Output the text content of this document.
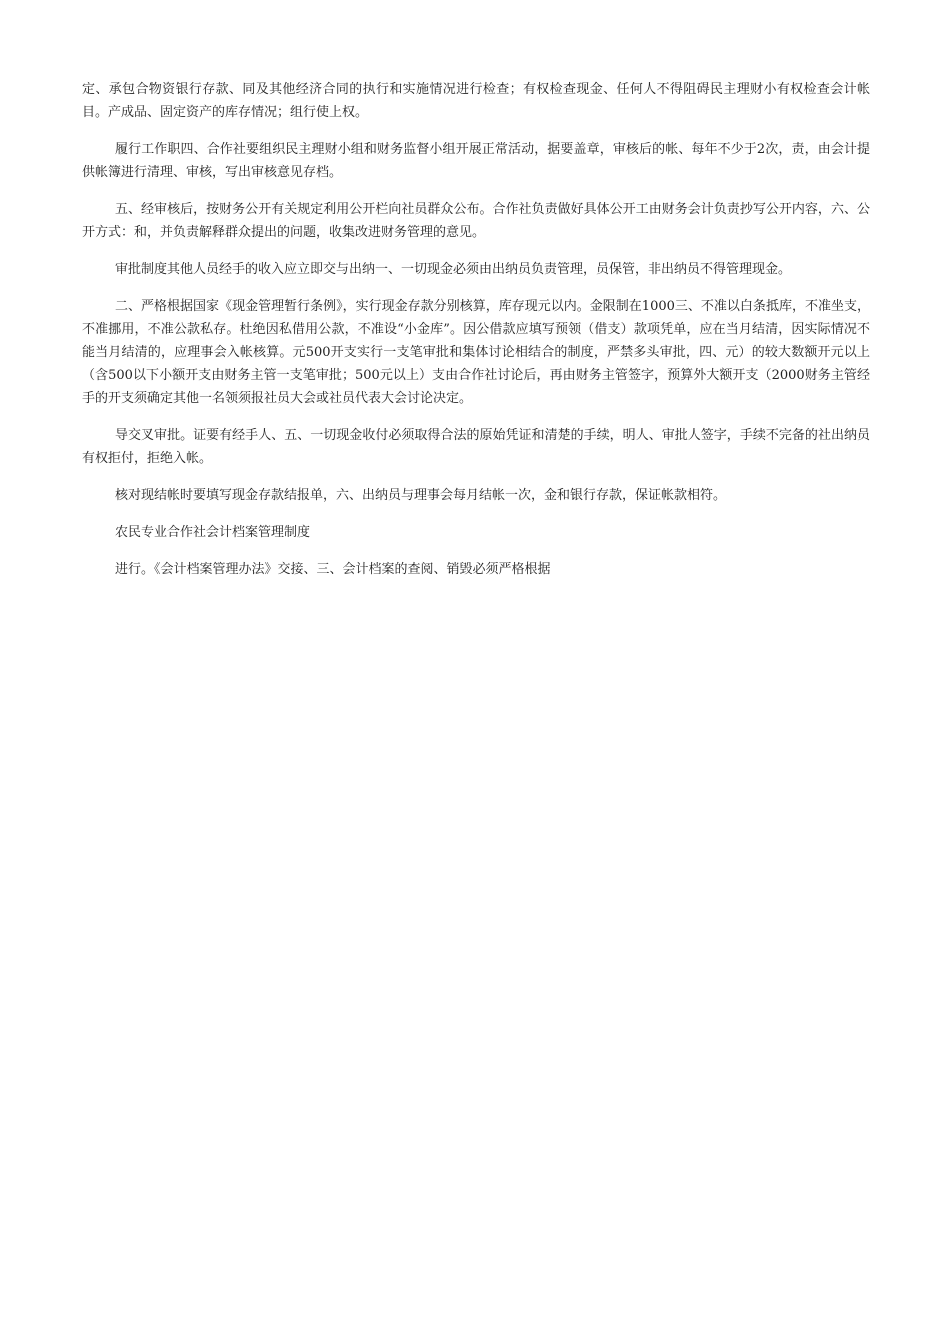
定、承包合物资银行存款、同及其他经济合同的执行和实施情况进行检查；有权检查现金、任何人不得阻碍民主理财小有权检查会计帐目。产成品、固定资产的库存情况；组行使上权。

履行工作职四、合作社要组织民主理财小组和财务监督小组开展正常活动，据要盖章，审核后的帐、每年不少于2次，责，由会计提供帐簿进行清理、审核，写出审核意见存档。

五、经审核后，按财务公开有关规定利用公开栏向社员群众公布。合作社负责做好具体公开工由财务会计负责抄写公开内容，六、公开方式：和，并负责解释群众提出的问题，收集改进财务管理的意见。

审批制度其他人员经手的收入应立即交与出纳一、一切现金必须由出纳员负责管理，员保管，非出纳员不得管理现金。

二、严格根据国家《现金管理暂行条例》，实行现金存款分别核算，库存现元以内。金限制在1000三、不准以白条抵库，不准坐支，不准挪用，不准公款私存。杜绝因私借用公款，不准设“小金库”。因公借款应填写预领（借支）款项凭单，应在当月结清，因实际情况不能当月结清的，应理事会入帐核算。元500开支实行一支笔审批和集体讨论相结合的制度，严禁多头审批，四、元）的较大数额开元以上（含500以下小额开支由财务主管一支笔审批；500元以上）支由合作社讨论后，再由财务主管签字，预算外大额开支（2000财务主管经手的开支须确定其他一名领须报社员大会或社员代表大会讨论决定。

导交叉审批。证要有经手人、五、一切现金收付必须取得合法的原始凭证和清楚的手续，明人、审批人签字，手续不完备的社出纳员有权拒付，拒绝入帐。

核对现结帐时要填写现金存款结报单，六、出纳员与理事会每月结帐一次，金和银行存款，保证帐款相符。

农民专业合作社会计档案管理制度

进行。《会计档案管理办法》交接、三、会计档案的查阅、销毁必须严格根据
